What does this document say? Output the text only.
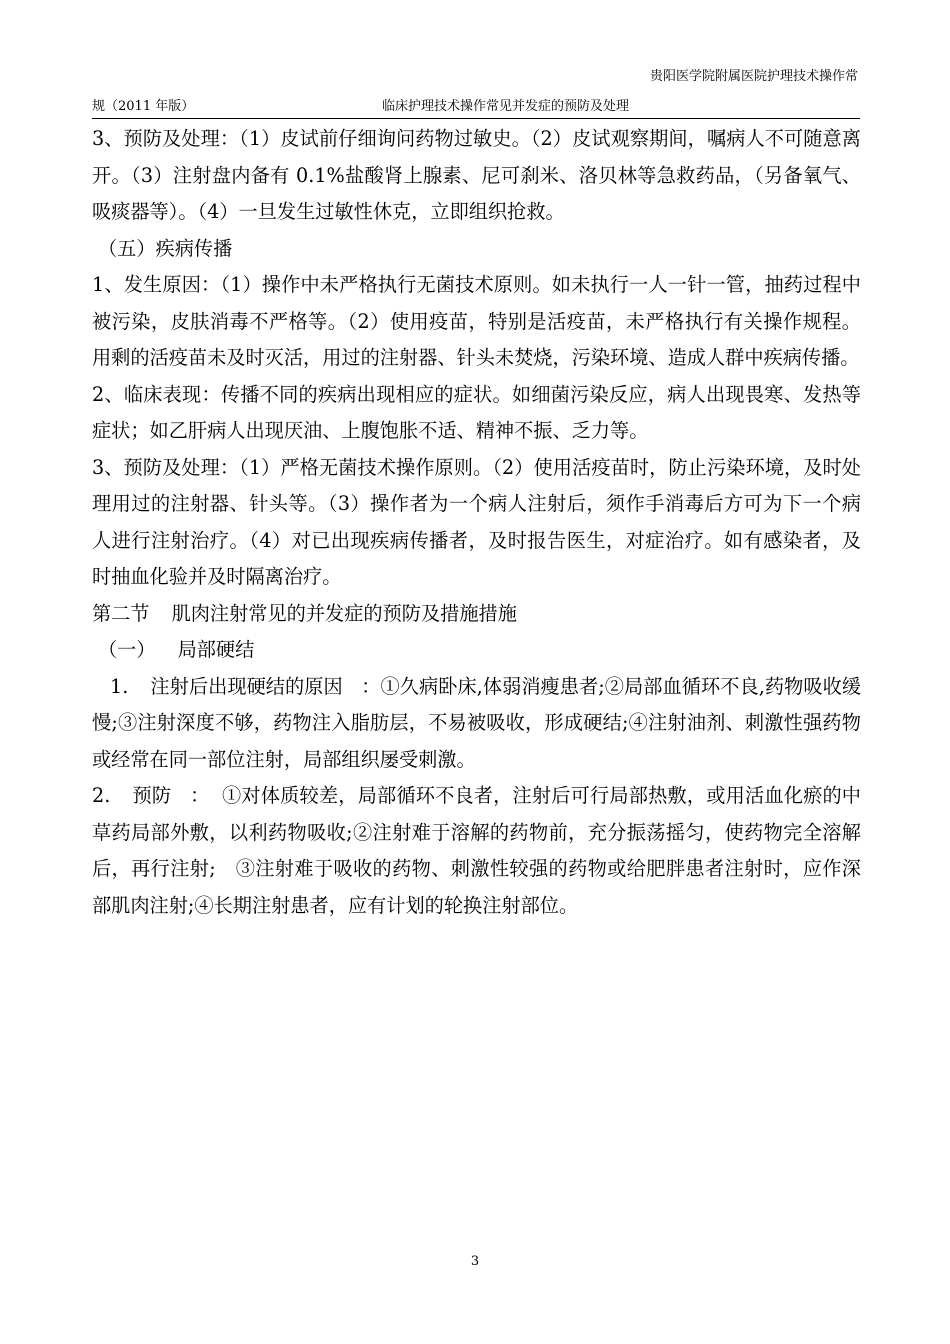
贵阳医学院附属医院护理技术操作常
规（2011 年版）	临床护理技术操作常见并发症的预防及处理

3、预防及处理：（1）皮试前仔细询问药物过敏史。（2）皮试观察期间，嘱病人不可随意离开。（3）注射盘内备有 0.1%盐酸肾上腺素、尼可刹米、洛贝林等急救药品，（另备氧气、吸痰器等）。（4）一旦发生过敏性休克，立即组织抢救。

（五）疾病传播

1、发生原因：（1）操作中未严格执行无菌技术原则。如未执行一人一针一管，抽药过程中被污染，皮肤消毒不严格等。（2）使用疫苗，特别是活疫苗，未严格执行有关操作规程。用剩的活疫苗未及时灭活，用过的注射器、针头未焚烧，污染环境、造成人群中疾病传播。

2、临床表现：传播不同的疾病出现相应的症状。如细菌污染反应，病人出现畏寒、发热等症状；如乙肝病人出现厌油、上腹饱胀不适、精神不振、乏力等。

3、预防及处理：（1）严格无菌技术操作原则。（2）使用活疫苗时，防止污染环境，及时处理用过的注射器、针头等。（3）操作者为一个病人注射后，须作手消毒后方可为下一个病人进行注射治疗。（4）对已出现疾病传播者，及时报告医生，对症治疗。如有感染者，及时抽血化验并及时隔离治疗。

第二节 肌肉注射常见的并发症的预防及措施措施

（一） 局部硬结

1. 注射后出现硬结的原因 ：①久病卧床,体弱消瘦患者;②局部血循环不良,药物吸收缓慢;③注射深度不够，药物注入脂肪层，不易被吸收，形成硬结;④注射油剂、刺激性强药物或经常在同一部位注射，局部组织屡受刺激。

2. 预防 ： ①对体质较差，局部循环不良者，注射后可行局部热敷，或用活血化瘀的中草药局部外敷，以利药物吸收;②注射难于溶解的药物前，充分振荡摇匀，使药物完全溶解后，再行注射;　③注射难于吸收的药物、刺激性较强的药物或给肥胖患者注射时，应作深部肌肉注射;④长期注射患者，应有计划的轮换注射部位。

3
